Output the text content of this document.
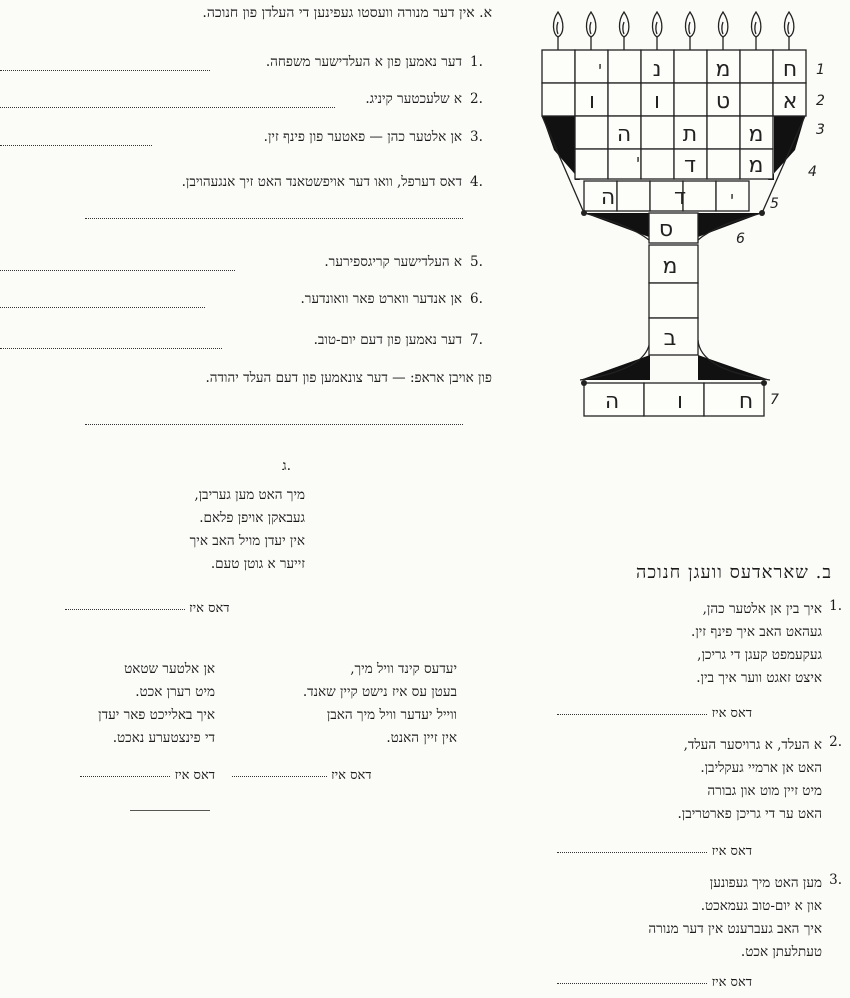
א. אין דער מנורה וועסטו געפינען די העלדן פון חנוכה.
1.
דער נאמען פון א העלדישער משפחה.
2.
א שלעכטער קיניג.
3.
אן אלטער כהן — פאטער פון פינף זין.
4.
דאס דערפל, וואו דער אויפשטאנד האט זיך אנגעהויבן.
5.
א העלדישער קריגספירער.
6.
אן אנדער ווארט פאר וואונדער.
7.
דער נאמען פון דעם יום-טוב.
פון אויבן אראפ: — דער צונאמען פון דעם העלד יהודה.
ג.
מיך האט מען געריבן,
געבאקן אויפן פלאם.
אין יעדן מויל האב איך
זייער א גוטן טעם.
דאס איז
אן אלטער שטאט
מיט רערן אכט.
איך באלייכט פאר יעדן
די פינצטערע נאכט.
דאס איז
יעדעס קינד וויל מיך,
בעטן עס איז נישט קיין שאנד.
ווייל יעדער וויל מיך האבן
אין זיין האנט.
דאס איז
ב. שאראדעס וועגן חנוכה
1.
איך בין אן אלטער כהן,
געהאט האב איך פינף זין.
געקעמפט קעגן די גריכן,
איצט זאגט ווער איך בין.
דאס איז
2.
א העלד, א גרויסער העלד,
האט אן ארמיי געקליבן.
מיט זיין מוט און גבורה
האט ער די גריכן פארטריבן.
דאס איז
3.
מען האט מיך געפונען
און א יום-טוב געמאכט.
איך האב געברענט אין דער מנורה
טעתלעתן אכט.
דאס איז
ח
מ
נ
י
א
ט
ו
ו
מ
ת
ה
מ
ד
י
י
ד
ה
ס
מ
ב
ח
ו
ה
1
2
3
4
5
6
7
